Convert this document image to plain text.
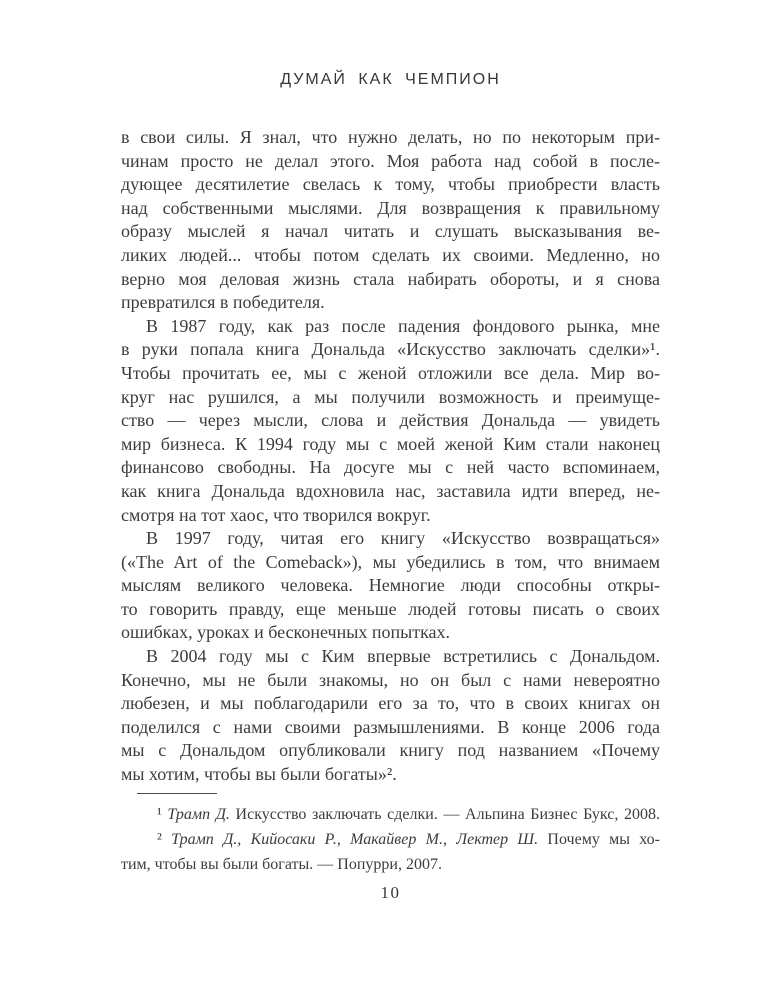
ДУМАЙ КАК ЧЕМПИОН
в свои силы. Я знал, что нужно делать, но по некоторым при-
чинам просто не делал этого. Моя работа над собой в после-
дующее десятилетие свелась к тому, чтобы приобрести власть
над собственными мыслями. Для возвращения к правильному
образу мыслей я начал читать и слушать высказывания ве-
ликих людей... чтобы потом сделать их своими. Медленно, но
верно моя деловая жизнь стала набирать обороты, и я снова
превратился в победителя.
В 1987 году, как раз после падения фондового рынка, мне
в руки попала книга Дональда «Искусство заключать сделки»¹.
Чтобы прочитать ее, мы с женой отложили все дела. Мир во-
круг нас рушился, а мы получили возможность и преимуще-
ство — через мысли, слова и действия Дональда — увидеть
мир бизнеса. К 1994 году мы с моей женой Ким стали наконец
финансово свободны. На досуге мы с ней часто вспоминаем,
как книга Дональда вдохновила нас, заставила идти вперед, не-
смотря на тот хаос, что творился вокруг.
В 1997 году, читая его книгу «Искусство возвращаться»
(«The Art of the Comeback»), мы убедились в том, что внимаем
мыслям великого человека. Немногие люди способны откры-
то говорить правду, еще меньше людей готовы писать о своих
ошибках, уроках и бесконечных попытках.
В 2004 году мы с Ким впервые встретились с Дональдом.
Конечно, мы не были знакомы, но он был с нами невероятно
любезен, и мы поблагодарили его за то, что в своих книгах он
поделился с нами своими размышлениями. В конце 2006 года
мы с Дональдом опубликовали книгу под названием «Почему
мы хотим, чтобы вы были богаты»².
¹ Трамп Д. Искусство заключать сделки. — Альпина Бизнес Букс, 2008.
² Трамп Д., Кийосаки Р., Макайвер М., Лектер Ш. Почему мы хо-
тим, чтобы вы были богаты. — Попурри, 2007.
10
